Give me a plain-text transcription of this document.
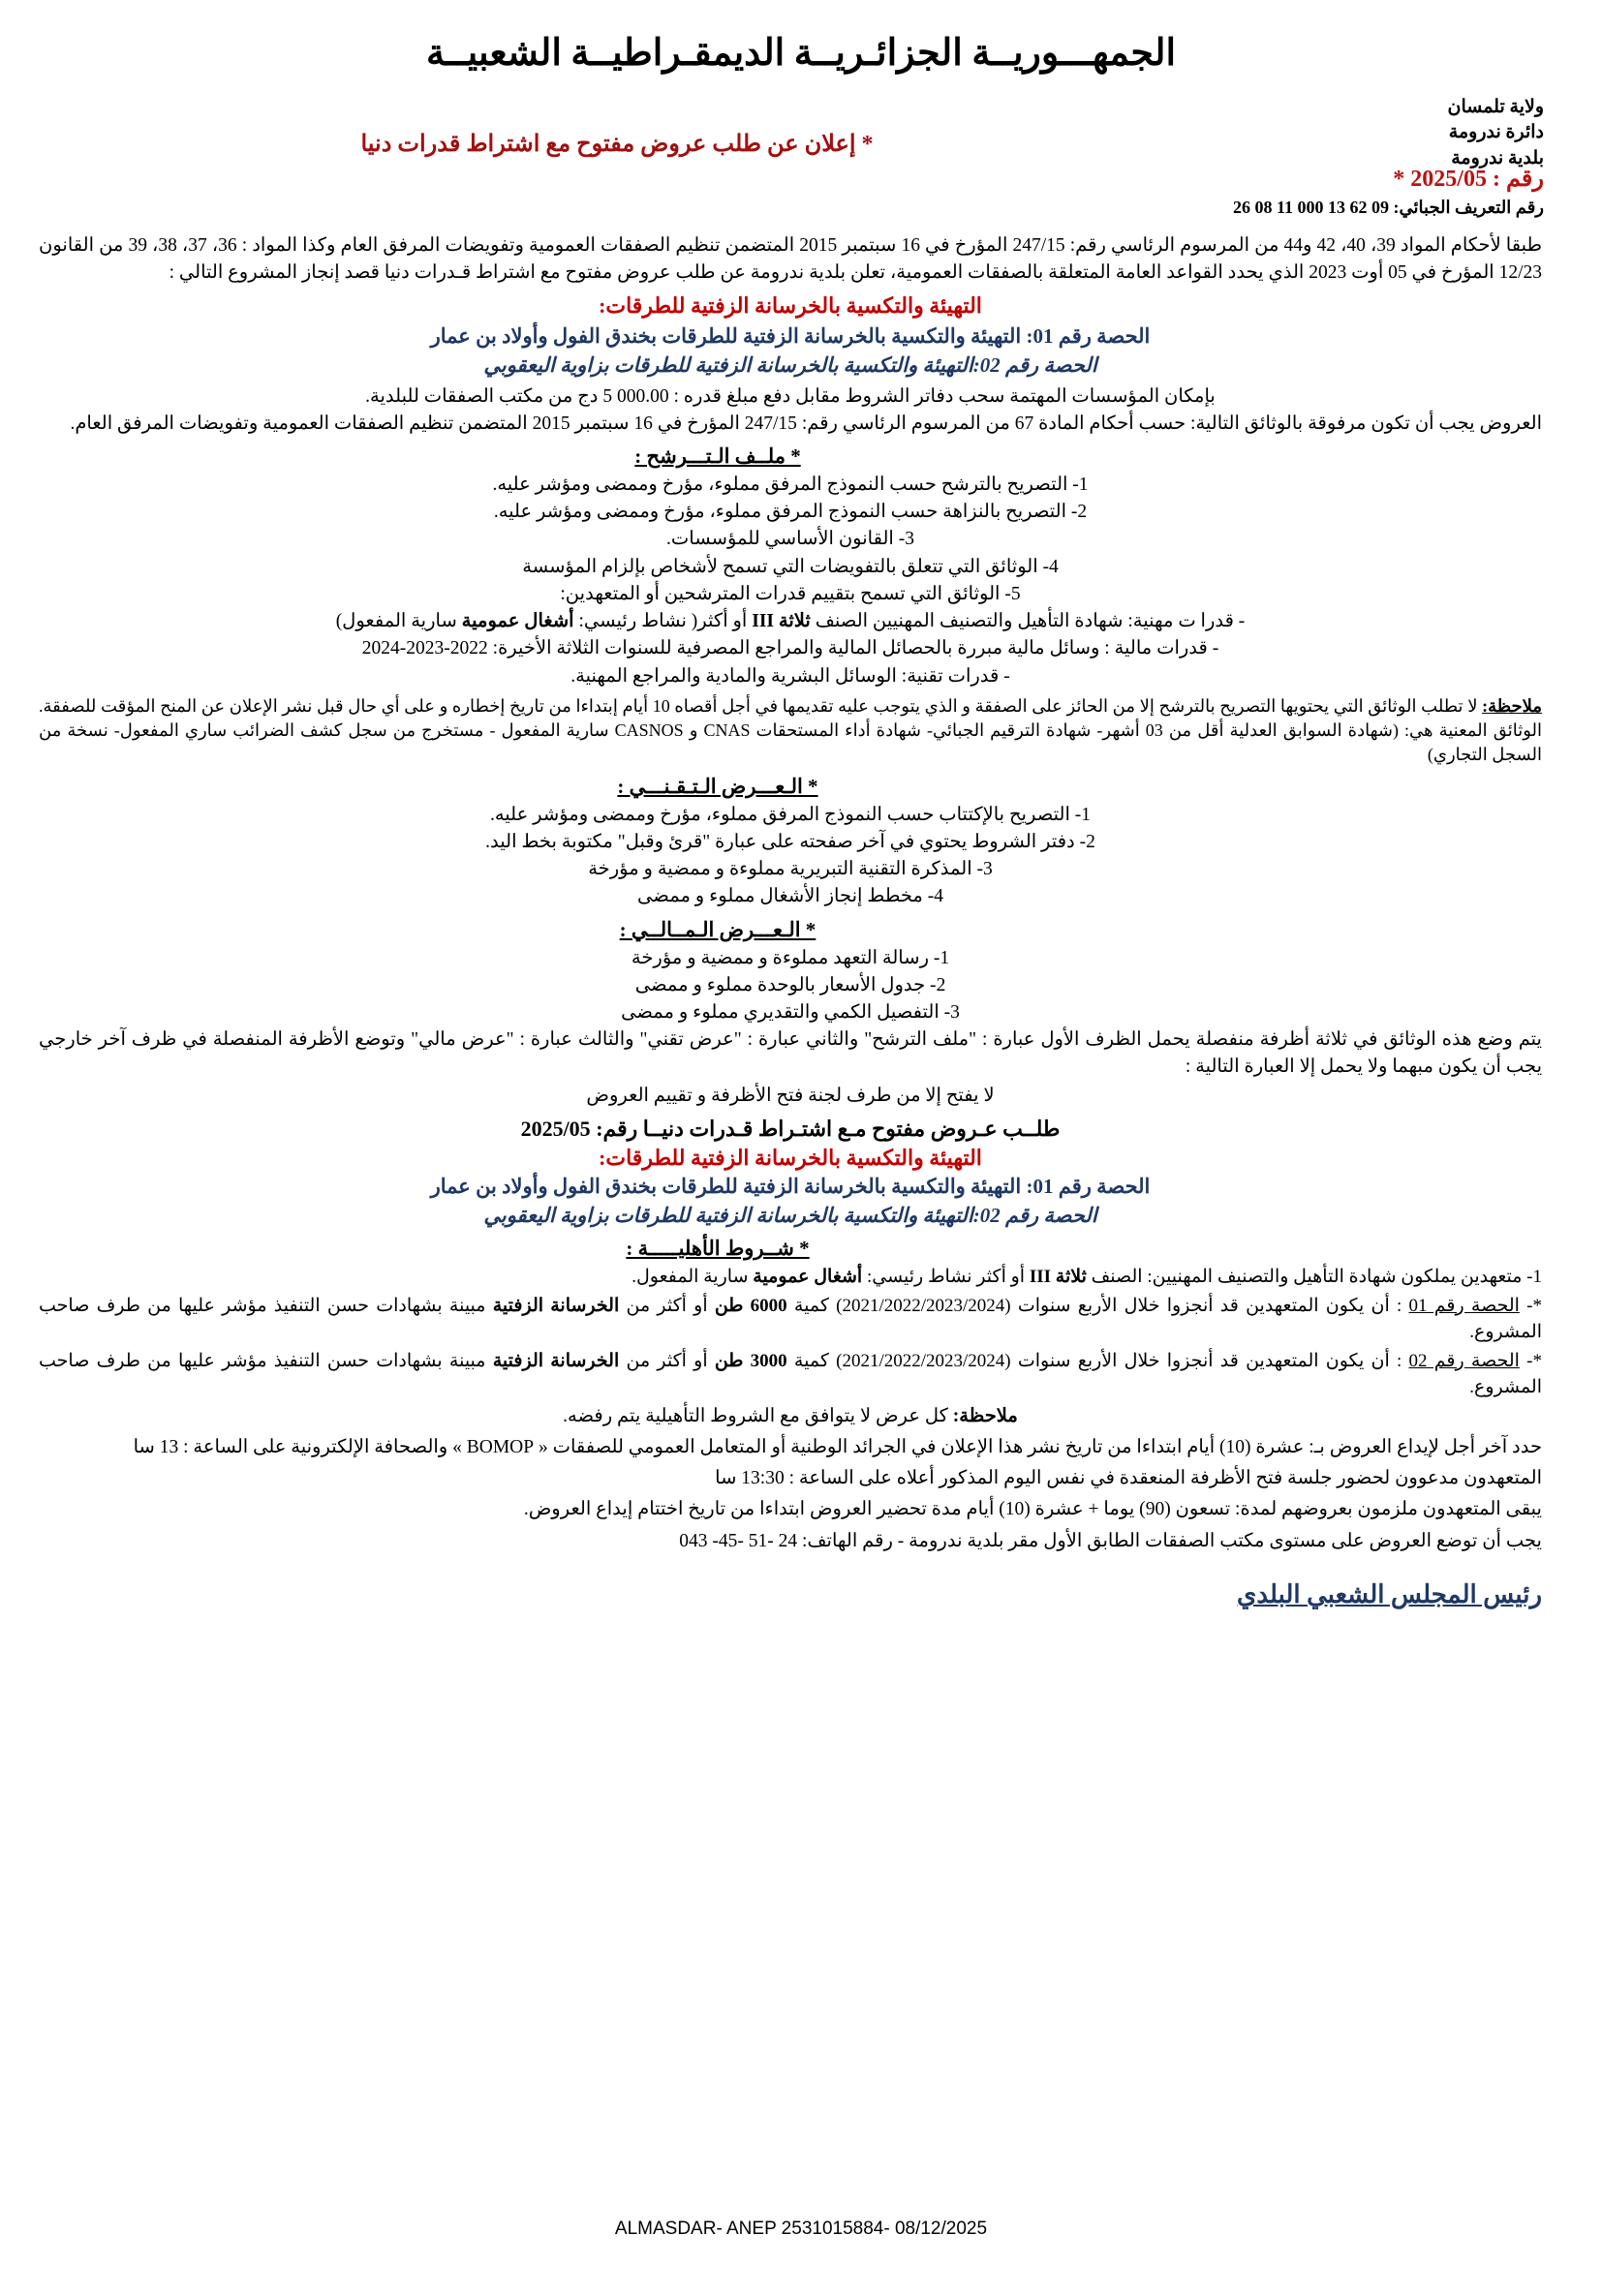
الجمهـــوريــة الجزائـريــة الديمقـراطيــة الشعبيــة
ولاية تلمسان
دائرة ندرومة
بلدية ندرومة
* إعلان عن طلب عروض مفتوح مع اشتراط قدرات دنيا
رقم : 2025/05 *
رقم التعريف الجبائي: 26 08 11 000 13 62 09

طبقا لأحكام المواد 39، 40، 42 و44 من المرسوم الرئاسي رقم: 247/15 المؤرخ في 16 سبتمبر 2015 المتضمن تنظيم الصفقات العمومية وتفويضات المرفق العام وكذا المواد : 36، 37، 38، 39 من القانون 12/23 المؤرخ في 05 أوت 2023 الذي يحدد القواعد العامة المتعلقة بالصفقات العمومية، تعلن بلدية ندرومة عن طلب عروض مفتوح مع اشتراط قـدرات دنيا قصد إنجاز المشروع التالي :

التهيئة والتكسية بالخرسانة الزفتية للطرقات:
الحصة رقم 01: التهيئة والتكسية بالخرسانة الزفتية للطرقات بخندق الفول وأولاد بن عمار
الحصة رقم 02:التهيئة والتكسية بالخرسانة الزفتية للطرقات بزاوية اليعقوبي

بإمكان المؤسسات المهتمة سحب دفاتر الشروط مقابل دفع مبلغ قدره : 000.00 5 دج من مكتب الصفقات للبلدية.

العروض يجب أن تكون مرفوقة بالوثائق التالية: حسب أحكام المادة 67 من المرسوم الرئاسي رقم: 247/15 المؤرخ في 16 سبتمبر 2015 المتضمن تنظيم الصفقات العمومية وتفويضات المرفق العام.

* ملــف الـتـــرشح :
1- التصريح بالترشح حسب النموذج المرفق مملوء، مؤرخ وممضى ومؤشر عليه.
2- التصريح بالنزاهة حسب النموذج المرفق مملوء، مؤرخ وممضى ومؤشر عليه.
3- القانون الأساسي للمؤسسات.
4- الوثائق التي تتعلق بالتفويضات التي تسمح لأشخاص بإلزام المؤسسة
5- الوثائق التي تسمح بتقييم قدرات المترشحين أو المتعهدين:
- قدرا ت مهنية: شهادة التأهيل والتصنيف المهنيين الصنف ثلاثة III أو أكثر( نشاط رئيسي: أشغال عمومية سارية المفعول)
- قدرات مالية : وسائل مالية مبررة بالحصائل المالية والمراجع المصرفية للسنوات الثلاثة الأخيرة: 2022-2023-2024
- قدرات تقنية: الوسائل البشرية والمادية والمراجع المهنية.

ملاحظة: لا تطلب الوثائق التي يحتويها التصريح بالترشح إلا من الحائز على الصفقة و الذي يتوجب عليه تقديمها في أجل أقصاه 10 أيام إبتداءا من تاريخ إخطاره و على أي حال قبل نشر الإعلان عن المنح المؤقت للصفقة. الوثائق المعنية هي: (شهادة السوابق العدلية أقل من 03 أشهر- شهادة الترقيم الجبائي- شهادة أداء المستحقات CNAS و CASNOS سارية المفعول - مستخرج من سجل كشف الضرائب ساري المفعول- نسخة من السجل التجاري)

* الـعـــرض الـتـقـنـــي :
1- التصريح بالإكتتاب حسب النموذج المرفق مملوء، مؤرخ وممضى ومؤشر عليه.
2- دفتر الشروط يحتوي في آخر صفحته على عبارة "قرئ وقبل" مكتوبة بخط اليد.
3- المذكرة التقنية التبريرية مملوءة و ممضية و مؤرخة
4- مخطط إنجاز الأشغال مملوء و ممضى
* الـعـــرض الـمــالــي :
1- رسالة التعهد مملوءة و ممضية و مؤرخة
2- جدول الأسعار بالوحدة مملوء و ممضى
3- التفصيل الكمي والتقديري مملوء و ممضى

يتم وضع هذه الوثائق في ثلاثة أظرفة منفصلة يحمل الظرف الأول عبارة : "ملف الترشح" والثاني عبارة : "عرض تقني" والثالث عبارة : "عرض مالي" وتوضع الأظرفة المنفصلة في ظرف آخر خارجي يجب أن يكون مبهما ولا يحمل إلا العبارة التالية :

لا يفتح إلا من طرف لجنة فتح الأظرفة و تقييم العروض

طلــب عـروض مفتوح مـع اشتـراط قـدرات دنيــا رقم: 2025/05
التهيئة والتكسية بالخرسانة الزفتية للطرقات:
الحصة رقم 01: التهيئة والتكسية بالخرسانة الزفتية للطرقات بخندق الفول وأولاد بن عمار
الحصة رقم 02:التهيئة والتكسية بالخرسانة الزفتية للطرقات بزاوية اليعقوبي
* شــروط الأهليـــــة :
1- متعهدين يملكون شهادة التأهيل والتصنيف المهنيين: الصنف ثلاثة III أو أكثر نشاط رئيسي: أشغال عمومية سارية المفعول.
*- الحصة رقم 01 : أن يكون المتعهدين قد أنجزوا خلال الأربع سنوات (2021/2022/2023/2024) كمية 6000 طن أو أكثر من الخرسانة الزفتية مبينة بشهادات حسن التنفيذ مؤشر عليها من طرف صاحب المشروع.
*- الحصة رقم 02 : أن يكون المتعهدين قد أنجزوا خلال الأربع سنوات (2021/2022/2023/2024) كمية 3000 طن أو أكثر من الخرسانة الزفتية مبينة بشهادات حسن التنفيذ مؤشر عليها من طرف صاحب المشروع.

ملاحظة: كل عرض لا يتوافق مع الشروط التأهيلية يتم رفضه.

حدد آخر أجل لإيداع العروض بـ: عشرة (10) أيام ابتداءا من تاريخ نشر هذا الإعلان في الجرائد الوطنية أو المتعامل العمومي للصفقات « BOMOP » والصحافة الإلكترونية على الساعة : 13 سا

المتعهدون مدعوون لحضور جلسة فتح الأظرفة المنعقدة في نفس اليوم المذكور أعلاه على الساعة : 13:30 سا

يبقى المتعهدون ملزمون بعروضهم لمدة: تسعون (90) يوما + عشرة (10) أيام مدة تحضير العروض ابتداءا من تاريخ اختتام إيداع العروض.

يجب أن توضع العروض على مستوى مكتب الصفقات الطابق الأول مقر بلدية ندرومة - رقم الهاتف: 24 -51 -45- 043

رئيس المجلس الشعبي البلدي
ALMASDAR- ANEP 2531015884- 08/12/2025
